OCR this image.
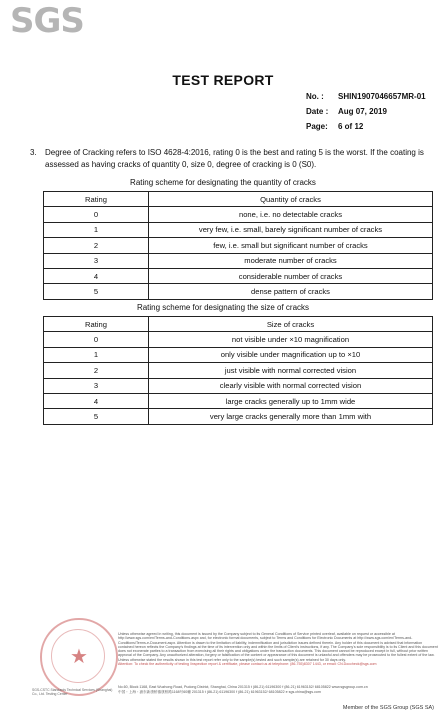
SGS
TEST REPORT
No. :	SHIN1907046657MR-01
Date :	Aug 07, 2019
Page:	6 of 12
3. Degree of Cracking refers to ISO 4628-4:2016, rating 0 is the best and rating 5 is the worst. If the coating is assessed as having cracks of quantity 0, size 0, degree of cracking is 0 (S0).
Rating scheme for designating the quantity of cracks
Rating	Quantity of cracks
0	none, i.e. no detectable cracks
1	very few, i.e. small, barely significant number of cracks
2	few, i.e. small but significant number of cracks
3	moderate number of cracks
4	considerable number of cracks
5	dense pattern of cracks
Rating scheme for designating the size of cracks
Rating	Size of cracks
0	not visible under ×10 magnification
1	only visible under magnification up to ×10
2	just visible with normal corrected vision
3	clearly visible with normal corrected vision
4	large cracks generally up to 1mm wide
5	very large cracks generally more than 1mm with
★
SGS-CSTC Standards Technical Services (Shanghai) Co., Ltd. Testing Center
Unless otherwise agreed in writing, this document is issued by the Company subject to its General Conditions of Service printed overleaf, available on request or accessible at http://www.sgs.com/en/Terms-and-Conditions.aspx and, for electronic format documents, subject to Terms and Conditions for Electronic Documents at http://www.sgs.com/en/Terms-and-Conditions/Terms-e-Document.aspx. Attention is drawn to the limitation of liability, indemnification and jurisdiction issues defined therein. Any holder of this document is advised that information contained hereon reflects the Company's findings at the time of its intervention only and within the limits of Client's instructions, if any. The Company's sole responsibility is to its Client and this document does not exonerate parties to a transaction from exercising all their rights and obligations under the transaction documents. This document cannot be reproduced except in full, without prior written approval of the Company. Any unauthorized alteration, forgery or falsification of the content or appearance of this document is unlawful and offenders may be prosecuted to the fullest extent of the law. Unless otherwise stated the results shown in this test report refer only to the sample(s) tested and such sample(s) are retained for 30 days only.
Attention: To check the authenticity of testing /inspection report & certificate, please contact us at telephone: (86-755)8307 1443, or email: CN.Doccheck@sgs.com
No.60, Block 1168, East Wuzhong Road, Pudong District, Shanghai, China 201315 t (86-21) 61196300 f (86-21) 61963152/ 68105822 www.sgsgroup.com.cn
中国・上海・浦东新康桥镇康桥路1168号60幢 201315 t (86-21) 61196300 f (86-21) 61963152/ 68105822 e sgs.china@sgs.com
Member of the SGS Group (SGS SA)
